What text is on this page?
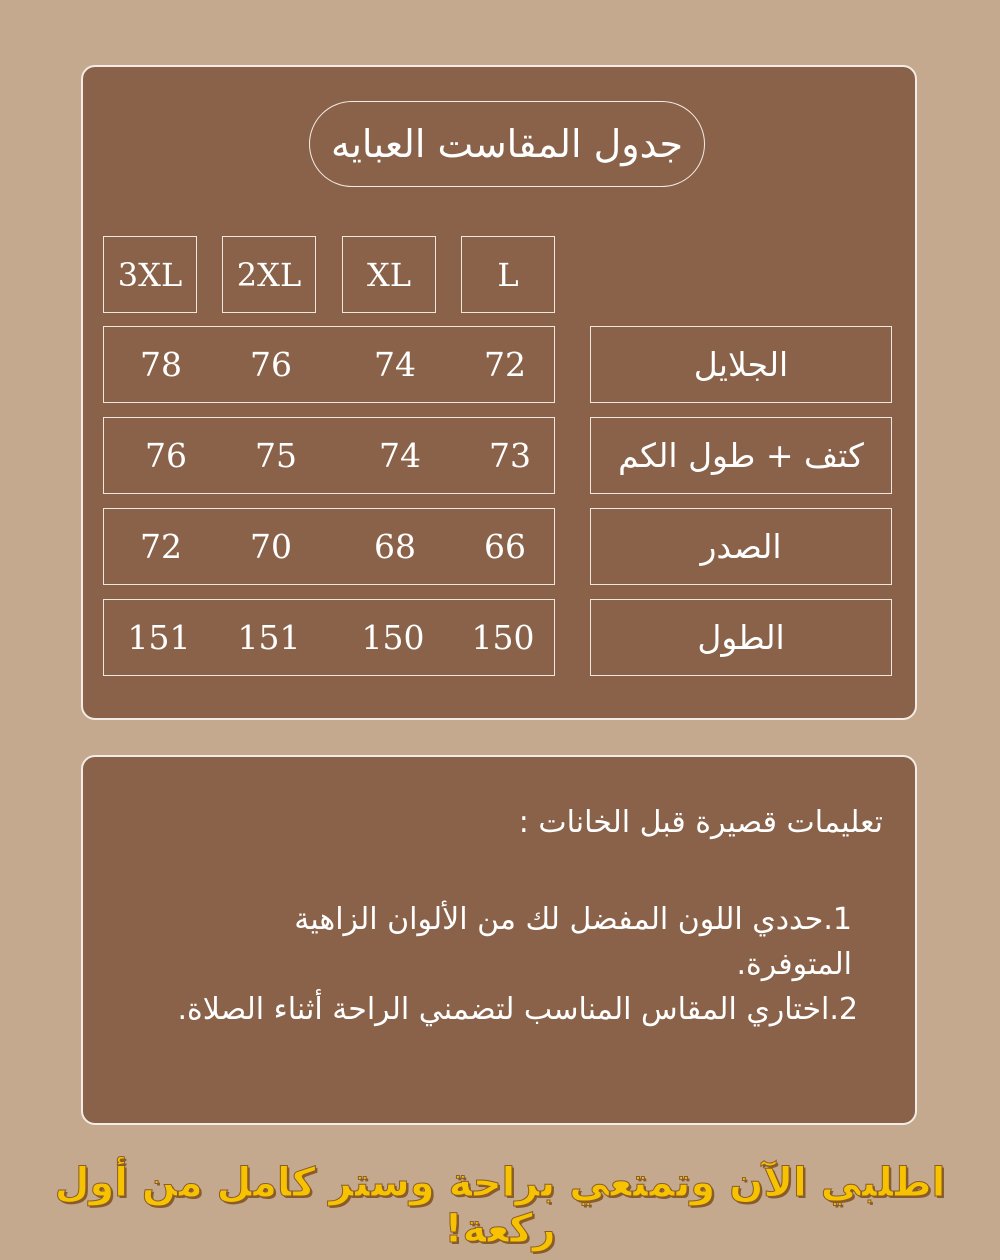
جدول المقاست العبايه
3XL	2XL	XL	L
78	76	74	72	الجلايل
76	75	74	73	كتف + طول الكم
72	70	68	66	الصدر
151	151	150	150	الطول
تعليمات قصيرة قبل الخانات :
1.حددي اللون المفضل لك من الألوان الزاهية المتوفرة.
2.اختاري المقاس المناسب لتضمني الراحة أثناء الصلاة.
اطلبي الآن وتمتعي براحة وستر كامل من أول ركعة!
